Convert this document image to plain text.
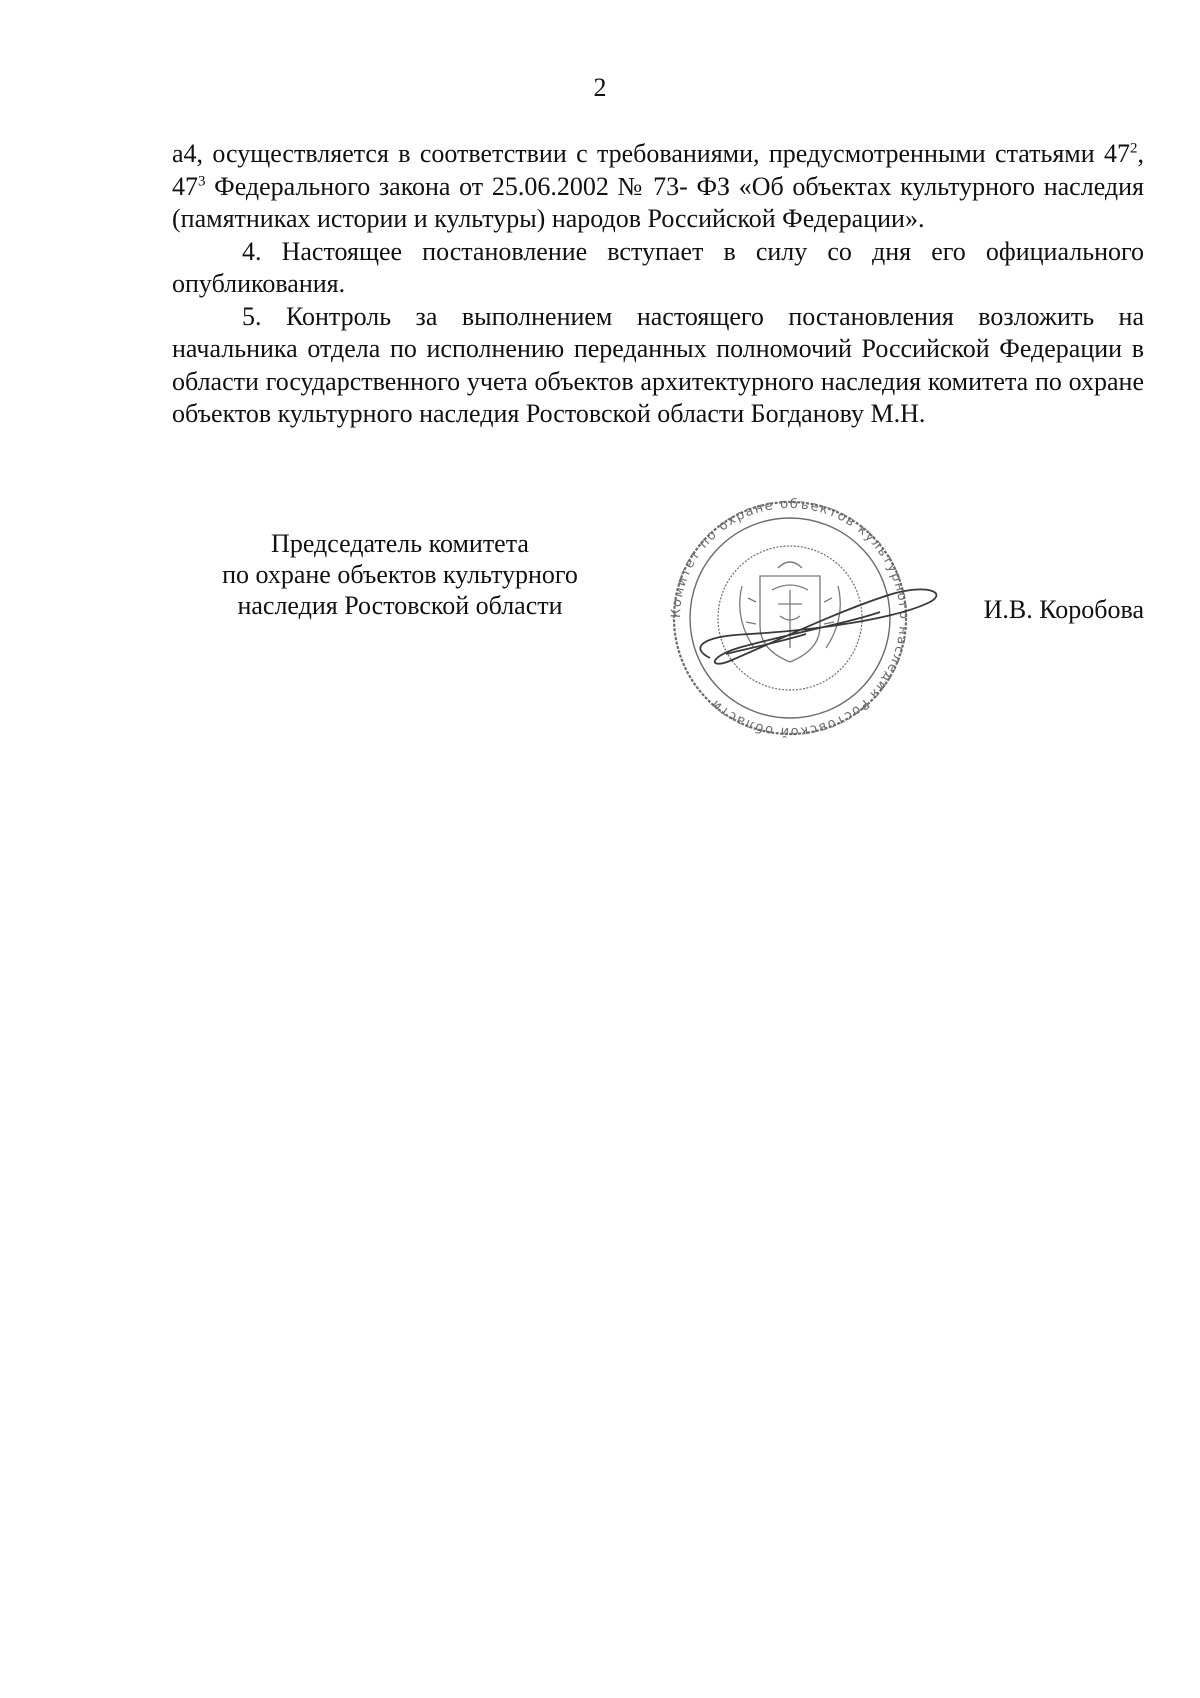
2

а4, осуществляется в соответствии с требованиями, предусмотренными статьями $47^2$, $47^3$ Федерального закона от 25.06.2002 № 73- ФЗ «Об объектах культурного наследия (памятниках истории и культуры) народов Российской Федерации».

4. Настоящее постановление вступает в силу со дня его официального опубликования.

5. Контроль за выполнением настоящего постановления возложить на начальника отдела по исполнению переданных полномочий Российской Федерации в области государственного учета объектов архитектурного наследия комитета по охране объектов культурного наследия Ростовской области Богданову М.Н.

Председатель комитета
по охране объектов культурного
наследия Ростовской области	Комитет по охране объектов культурного наследия Ростовской области
И.В. Коробова
